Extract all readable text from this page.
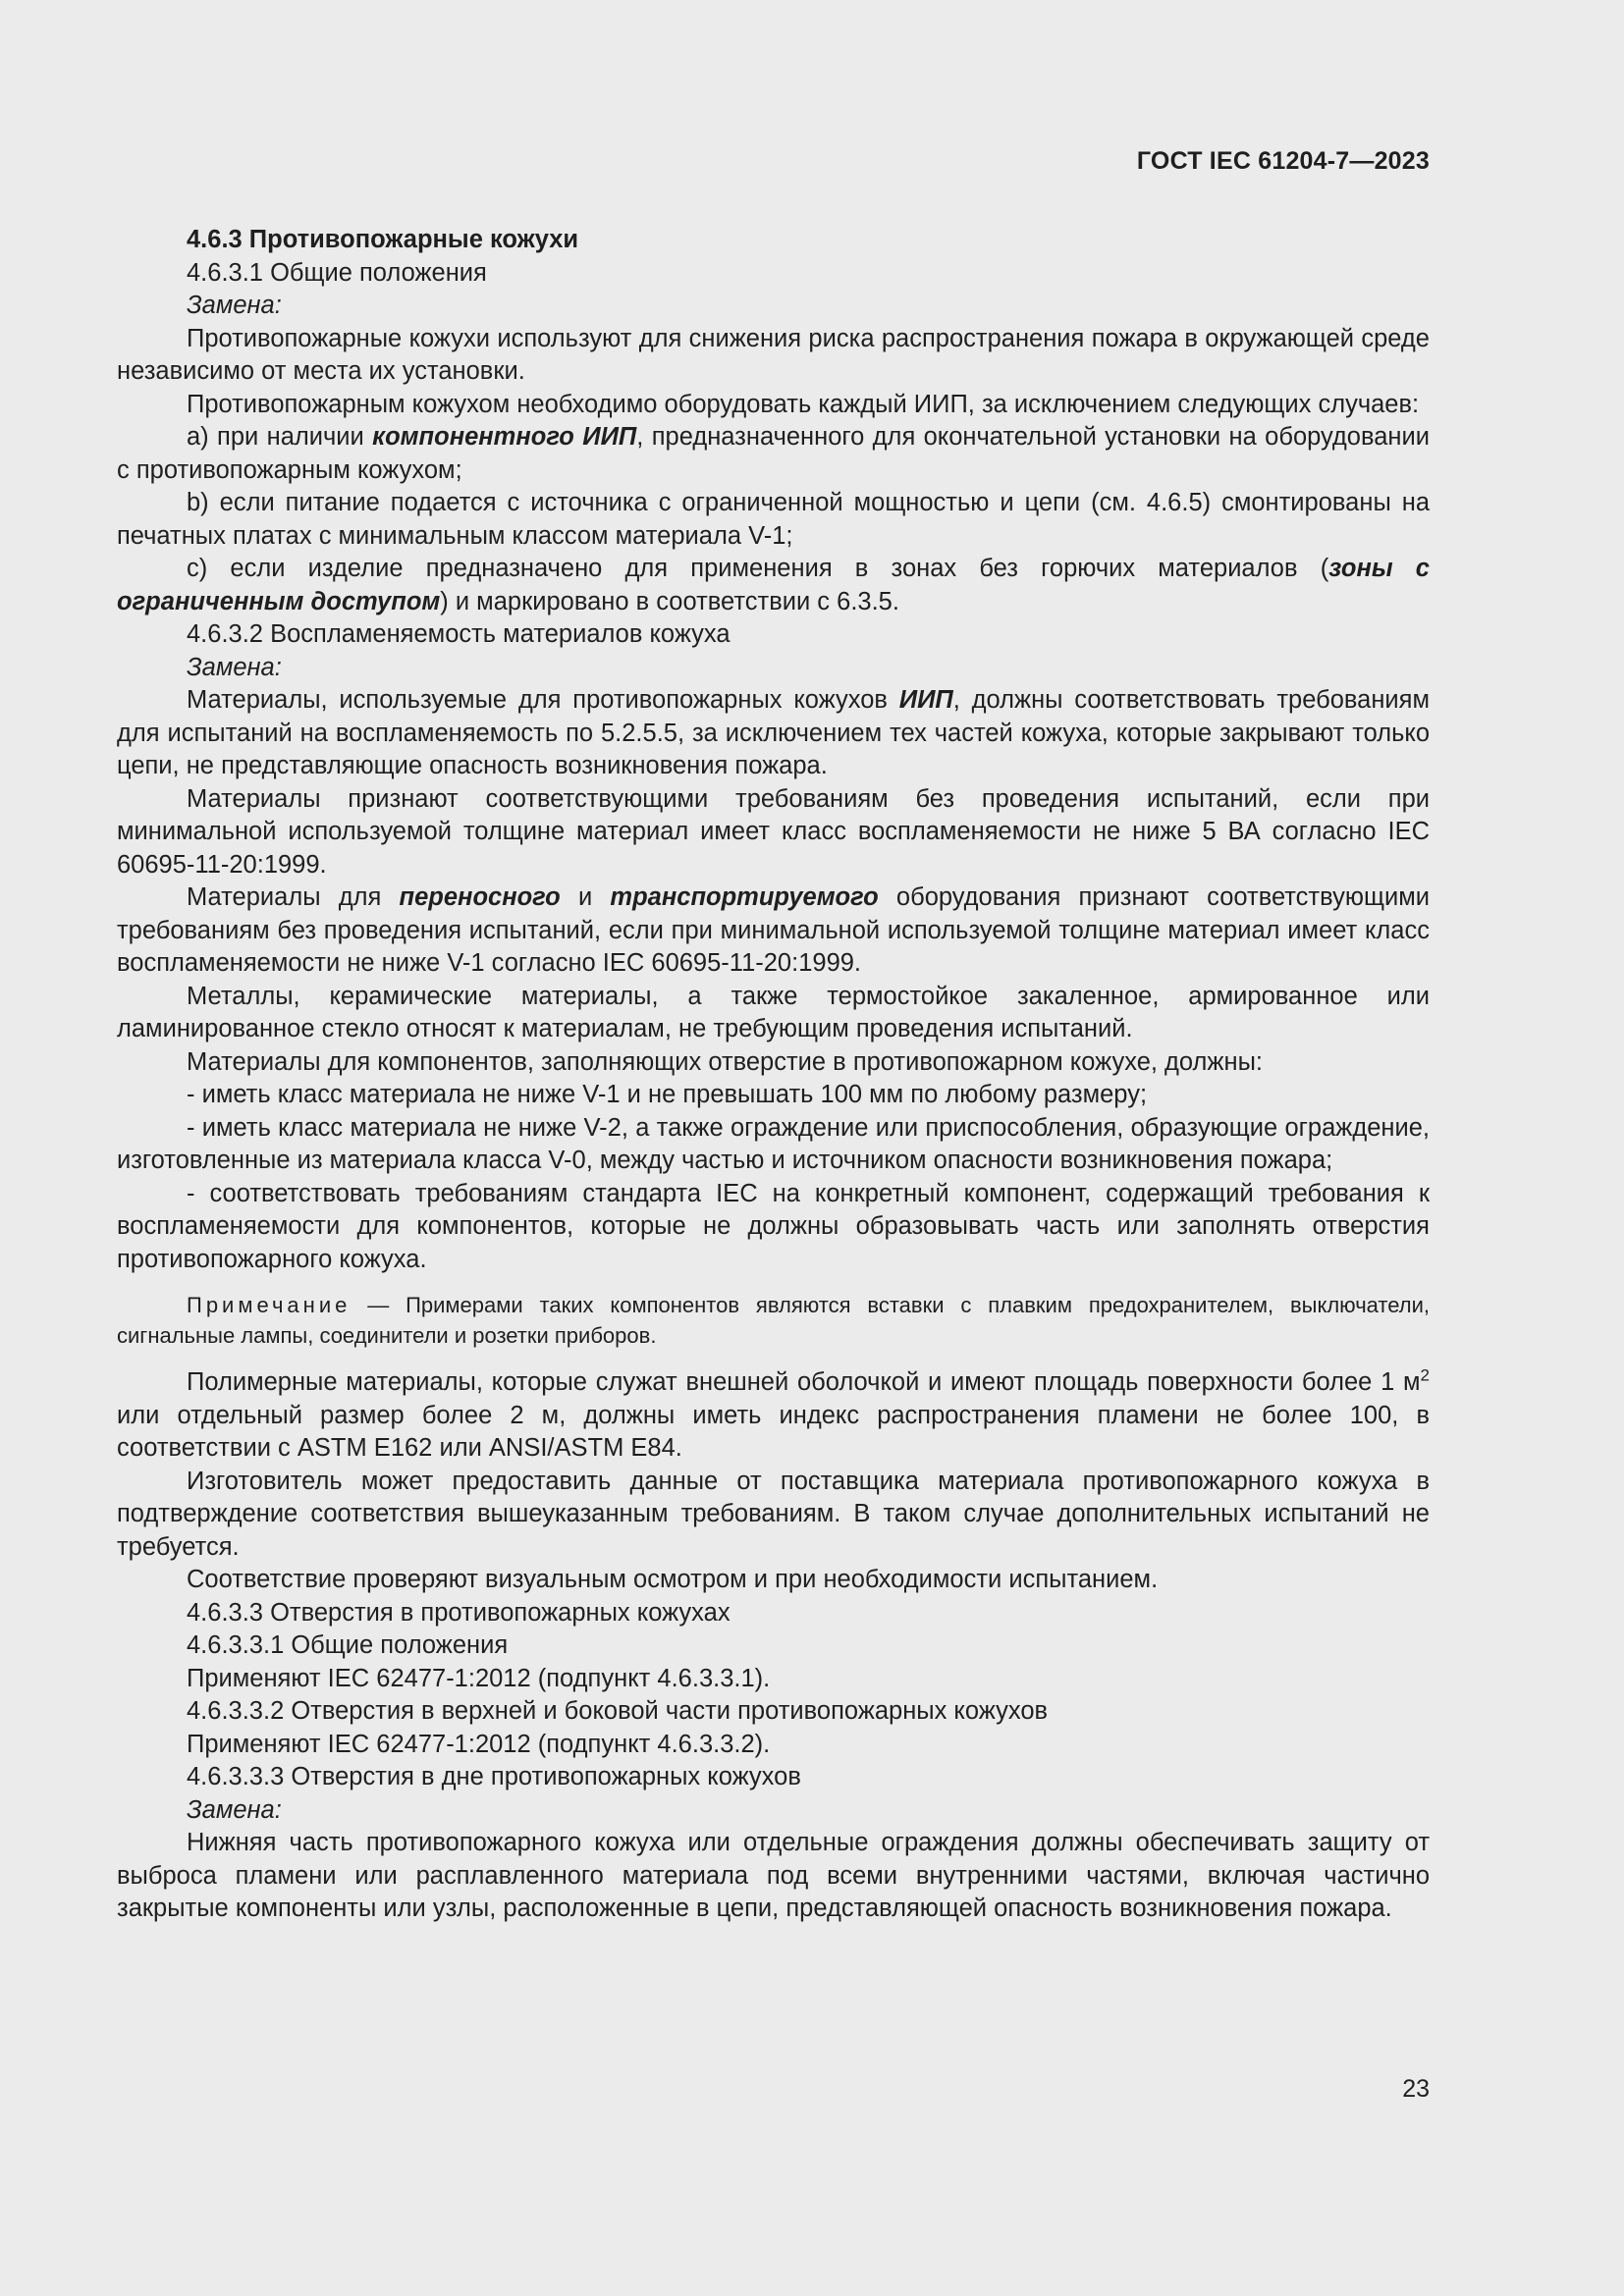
ГОСТ IEC 61204-7—2023

4.6.3 Противопожарные кожухи

4.6.3.1 Общие положения

Замена:

Противопожарные кожухи используют для снижения риска распространения пожара в окружающей среде независимо от места их установки.

Противопожарным кожухом необходимо оборудовать каждый ИИП, за исключением следующих случаев:

a) при наличии компонентного ИИП, предназначенного для окончательной установки на оборудовании с противопожарным кожухом;

b) если питание подается с источника с ограниченной мощностью и цепи (см. 4.6.5) смонтированы на печатных платах с минимальным классом материала V-1;

c) если изделие предназначено для применения в зонах без горючих материалов (зоны с ограниченным доступом) и маркировано в соответствии с 6.3.5.

4.6.3.2 Воспламеняемость материалов кожуха

Замена:

Материалы, используемые для противопожарных кожухов ИИП, должны соответствовать требованиям для испытаний на воспламеняемость по 5.2.5.5, за исключением тех частей кожуха, которые закрывают только цепи, не представляющие опасность возникновения пожара.

Материалы признают соответствующими требованиям без проведения испытаний, если при минимальной используемой толщине материал имеет класс воспламеняемости не ниже 5 ВА согласно IEC 60695-11-20:1999.

Материалы для переносного и транспортируемого оборудования признают соответствующими требованиям без проведения испытаний, если при минимальной используемой толщине материал имеет класс воспламеняемости не ниже V-1 согласно IEC 60695-11-20:1999.

Металлы, керамические материалы, а также термостойкое закаленное, армированное или ламинированное стекло относят к материалам, не требующим проведения испытаний.

Материалы для компонентов, заполняющих отверстие в противопожарном кожухе, должны:

- иметь класс материала не ниже V-1 и не превышать 100 мм по любому размеру;

- иметь класс материала не ниже V-2, а также ограждение или приспособления, образующие ограждение, изготовленные из материала класса V-0, между частью и источником опасности возникновения пожара;

- соответствовать требованиям стандарта IEC на конкретный компонент, содержащий требования к воспламеняемости для компонентов, которые не должны образовывать часть или заполнять отверстия противопожарного кожуха.

Примечание — Примерами таких компонентов являются вставки с плавким предохранителем, выключатели, сигнальные лампы, соединители и розетки приборов.

Полимерные материалы, которые служат внешней оболочкой и имеют площадь поверхности более 1 $м^2$ или отдельный размер более 2 м, должны иметь индекс распространения пламени не более 100, в соответствии с ASTM E162 или ANSI/ASTM E84.

Изготовитель может предоставить данные от поставщика материала противопожарного кожуха в подтверждение соответствия вышеуказанным требованиям. В таком случае дополнительных испытаний не требуется.

Соответствие проверяют визуальным осмотром и при необходимости испытанием.

4.6.3.3 Отверстия в противопожарных кожухах

4.6.3.3.1 Общие положения

Применяют IEC 62477-1:2012 (подпункт 4.6.3.3.1).

4.6.3.3.2 Отверстия в верхней и боковой части противопожарных кожухов

Применяют IEC 62477-1:2012 (подпункт 4.6.3.3.2).

4.6.3.3.3 Отверстия в дне противопожарных кожухов

Замена:

Нижняя часть противопожарного кожуха или отдельные ограждения должны обеспечивать защиту от выброса пламени или расплавленного материала под всеми внутренними частями, включая частично закрытые компоненты или узлы, расположенные в цепи, представляющей опасность возникновения пожара.

23
